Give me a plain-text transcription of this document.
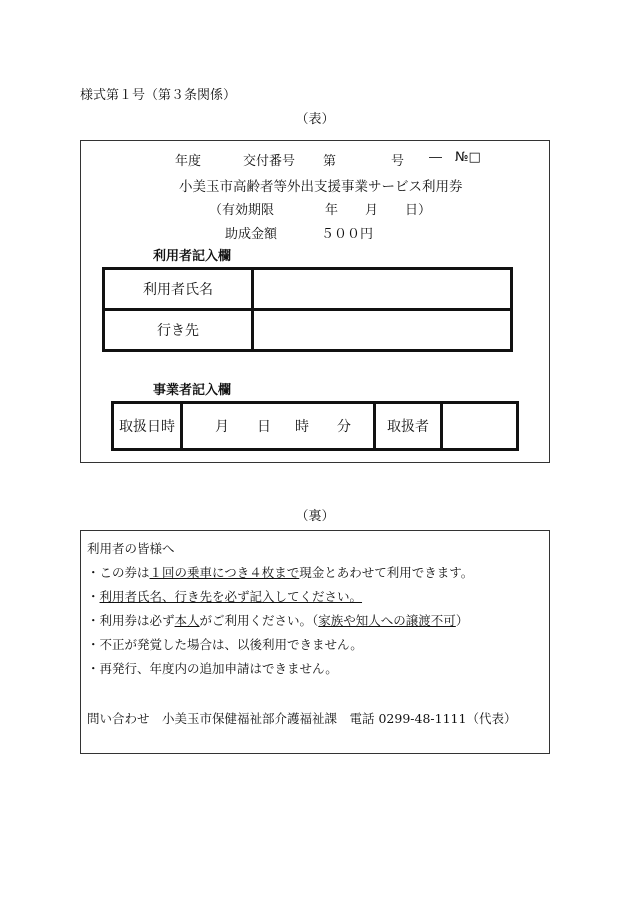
様式第１号（第３条関係）
（表）
年度	交付番号 第	号 ― №□
小美玉市高齢者等外出支援事業サービス利用券
（有効期限	年 月 日）
助成金額	５００円
利用者記入欄
利用者氏名	
行き先	
事業者記入欄
取扱日時	月 日 時 分	取扱者	
（裏）
利用者の皆様へ
・この券は１回の乗車につき４枚まで現金とあわせて利用できます。
・利用者氏名、行き先を必ず記入してください。
・利用券は必ず本人がご利用ください。（家族や知人への譲渡不可）
・不正が発覚した場合は、以後利用できません。
・再発行、年度内の追加申請はできません。
問い合わせ　小美玉市保健福祉部介護福祉課　電話 0299-48-1111（代表）
